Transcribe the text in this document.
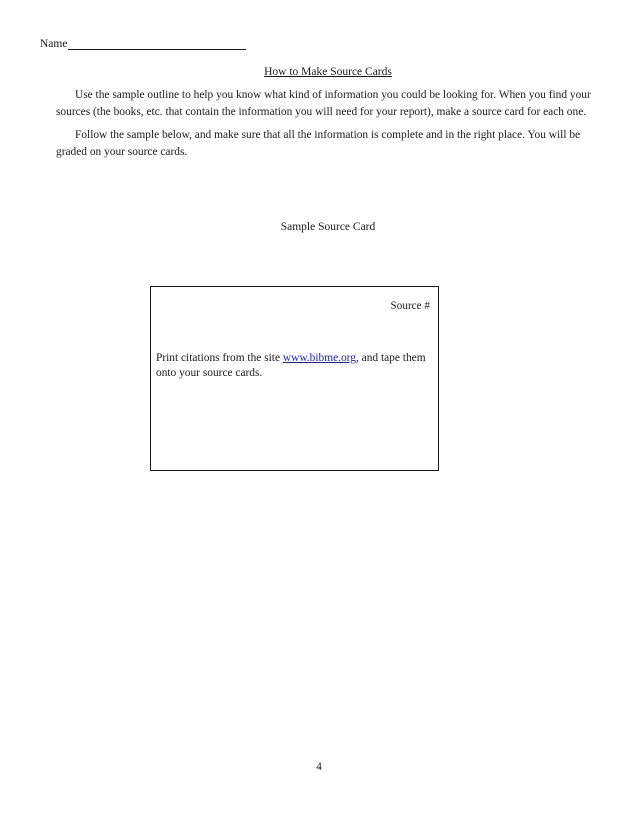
Name
How to Make Source Cards

Use the sample outline to help you know what kind of information you could be looking for. When you find your sources (the books, etc. that contain the information you will need for your report), make a source card for each one.

Follow the sample below, and make sure that all the information is complete and in the right place. You will be graded on your source cards.

Sample Source Card
Source #

Print citations from the site www.bibme.org, and tape them onto your source cards.

4
